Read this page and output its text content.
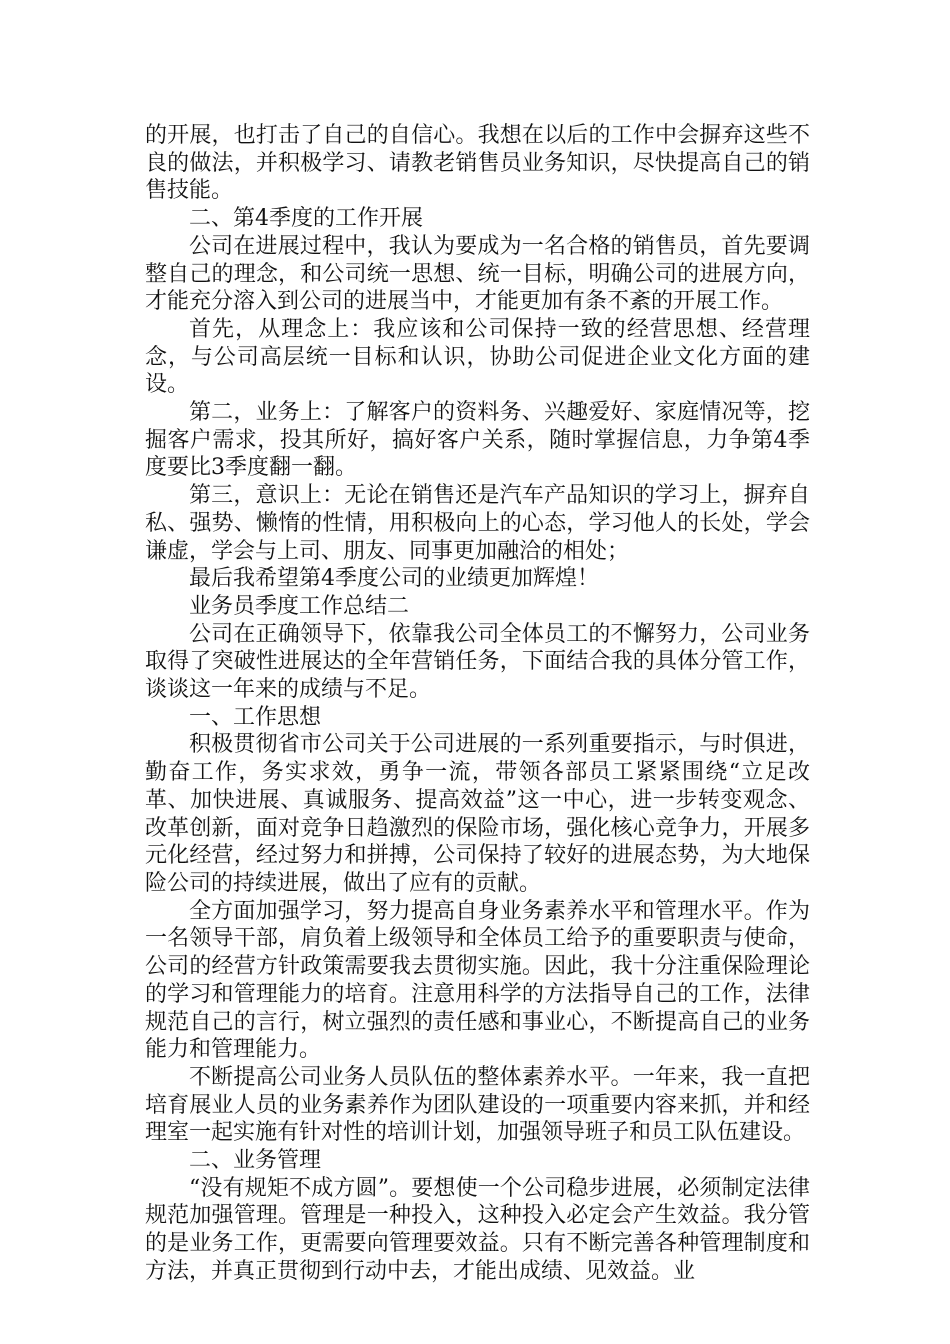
的开展，也打击了自己的自信心。我想在以后的工作中会摒弃这些不良的做法，并积极学习、请教老销售员业务知识，尽快提高自己的销售技能。

二、第4季度的工作开展

公司在进展过程中，我认为要成为一名合格的销售员，首先要调整自己的理念，和公司统一思想、统一目标，明确公司的进展方向，才能充分溶入到公司的进展当中，才能更加有条不紊的开展工作。

首先，从理念上：我应该和公司保持一致的经营思想、经营理念，与公司高层统一目标和认识，协助公司促进企业文化方面的建设。

第二，业务上：了解客户的资料务、兴趣爱好、家庭情况等，挖掘客户需求，投其所好，搞好客户关系，随时掌握信息，力争第4季度要比3季度翻一翻。

第三，意识上：无论在销售还是汽车产品知识的学习上，摒弃自私、强势、懒惰的性情，用积极向上的心态，学习他人的长处，学会谦虚，学会与上司、朋友、同事更加融洽的相处；

最后我希望第4季度公司的业绩更加辉煌！

业务员季度工作总结二

公司在正确领导下，依靠我公司全体员工的不懈努力，公司业务取得了突破性进展达的全年营销任务，下面结合我的具体分管工作，谈谈这一年来的成绩与不足。

一、工作思想

积极贯彻省市公司关于公司进展的一系列重要指示，与时俱进，勤奋工作，务实求效，勇争一流，带领各部员工紧紧围绕“立足改革、加快进展、真诚服务、提高效益”这一中心，进一步转变观念、改革创新，面对竞争日趋激烈的保险市场，强化核心竞争力，开展多元化经营，经过努力和拼搏，公司保持了较好的进展态势，为大地保险公司的持续进展，做出了应有的贡献。

全方面加强学习，努力提高自身业务素养水平和管理水平。作为一名领导干部，肩负着上级领导和全体员工给予的重要职责与使命，公司的经营方针政策需要我去贯彻实施。因此，我十分注重保险理论的学习和管理能力的培育。注意用科学的方法指导自己的工作，法律规范自己的言行，树立强烈的责任感和事业心，不断提高自己的业务能力和管理能力。

不断提高公司业务人员队伍的整体素养水平。一年来，我一直把培育展业人员的业务素养作为团队建设的一项重要内容来抓，并和经理室一起实施有针对性的培训计划，加强领导班子和员工队伍建设。

二、业务管理

“没有规矩不成方圆”。要想使一个公司稳步进展，必须制定法律规范加强管理。管理是一种投入，这种投入必定会产生效益。我分管的是业务工作，更需要向管理要效益。只有不断完善各种管理制度和方法，并真正贯彻到行动中去，才能出成绩、见效益。业
